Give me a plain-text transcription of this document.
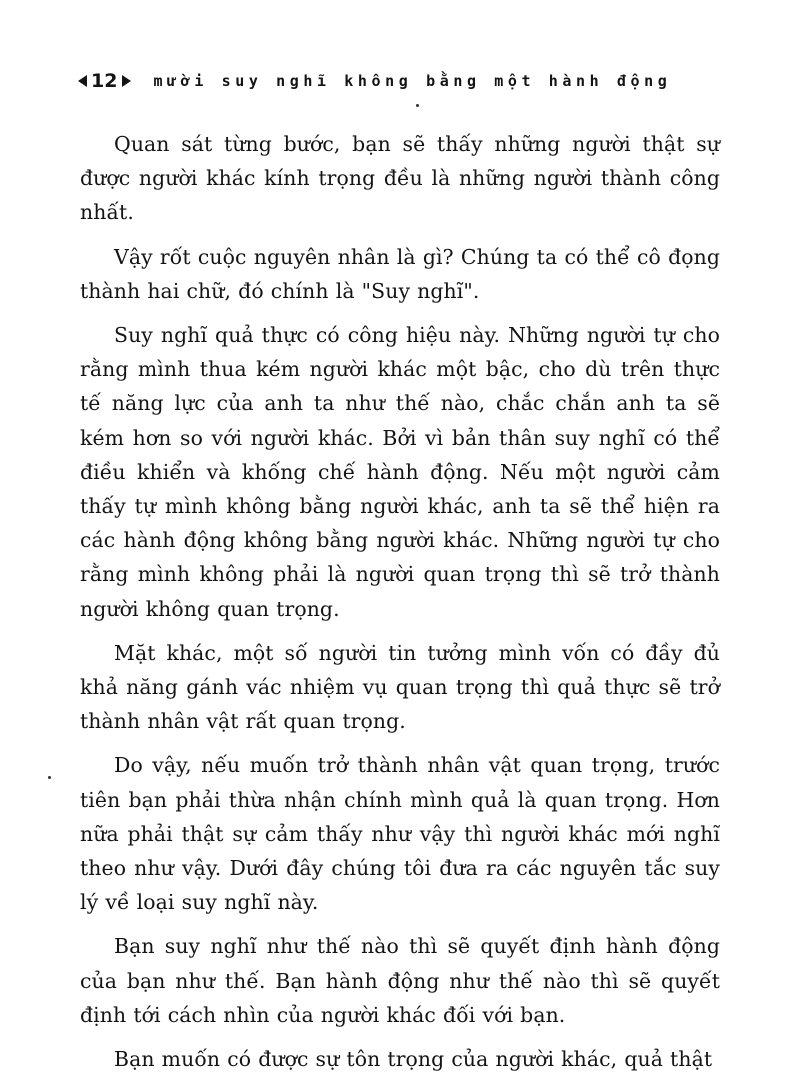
12 mười suy nghĩ không bằng một hành động

Quan sát từng bước, bạn sẽ thấy những người thật sự được người khác kính trọng đều là những người thành công nhất.

Vậy rốt cuộc nguyên nhân là gì? Chúng ta có thể cô đọng thành hai chữ, đó chính là "Suy nghĩ".

Suy nghĩ quả thực có công hiệu này. Những người tự cho rằng mình thua kém người khác một bậc, cho dù trên thực tế năng lực của anh ta như thế nào, chắc chắn anh ta sẽ kém hơn so với người khác. Bởi vì bản thân suy nghĩ có thể điều khiển và khống chế hành động. Nếu một người cảm thấy tự mình không bằng người khác, anh ta sẽ thể hiện ra các hành động không bằng người khác. Những người tự cho rằng mình không phải là người quan trọng thì sẽ trở thành người không quan trọng.

Mặt khác, một số người tin tưởng mình vốn có đầy đủ khả năng gánh vác nhiệm vụ quan trọng thì quả thực sẽ trở thành nhân vật rất quan trọng.

Do vậy, nếu muốn trở thành nhân vật quan trọng, trước tiên bạn phải thừa nhận chính mình quả là quan trọng. Hơn nữa phải thật sự cảm thấy như vậy thì người khác mới nghĩ theo như vậy. Dưới đây chúng tôi đưa ra các nguyên tắc suy lý về loại suy nghĩ này.

Bạn suy nghĩ như thế nào thì sẽ quyết định hành động của bạn như thế. Bạn hành động như thế nào thì sẽ quyết định tới cách nhìn của người khác đối với bạn.

Bạn muốn có được sự tôn trọng của người khác, quả thật
